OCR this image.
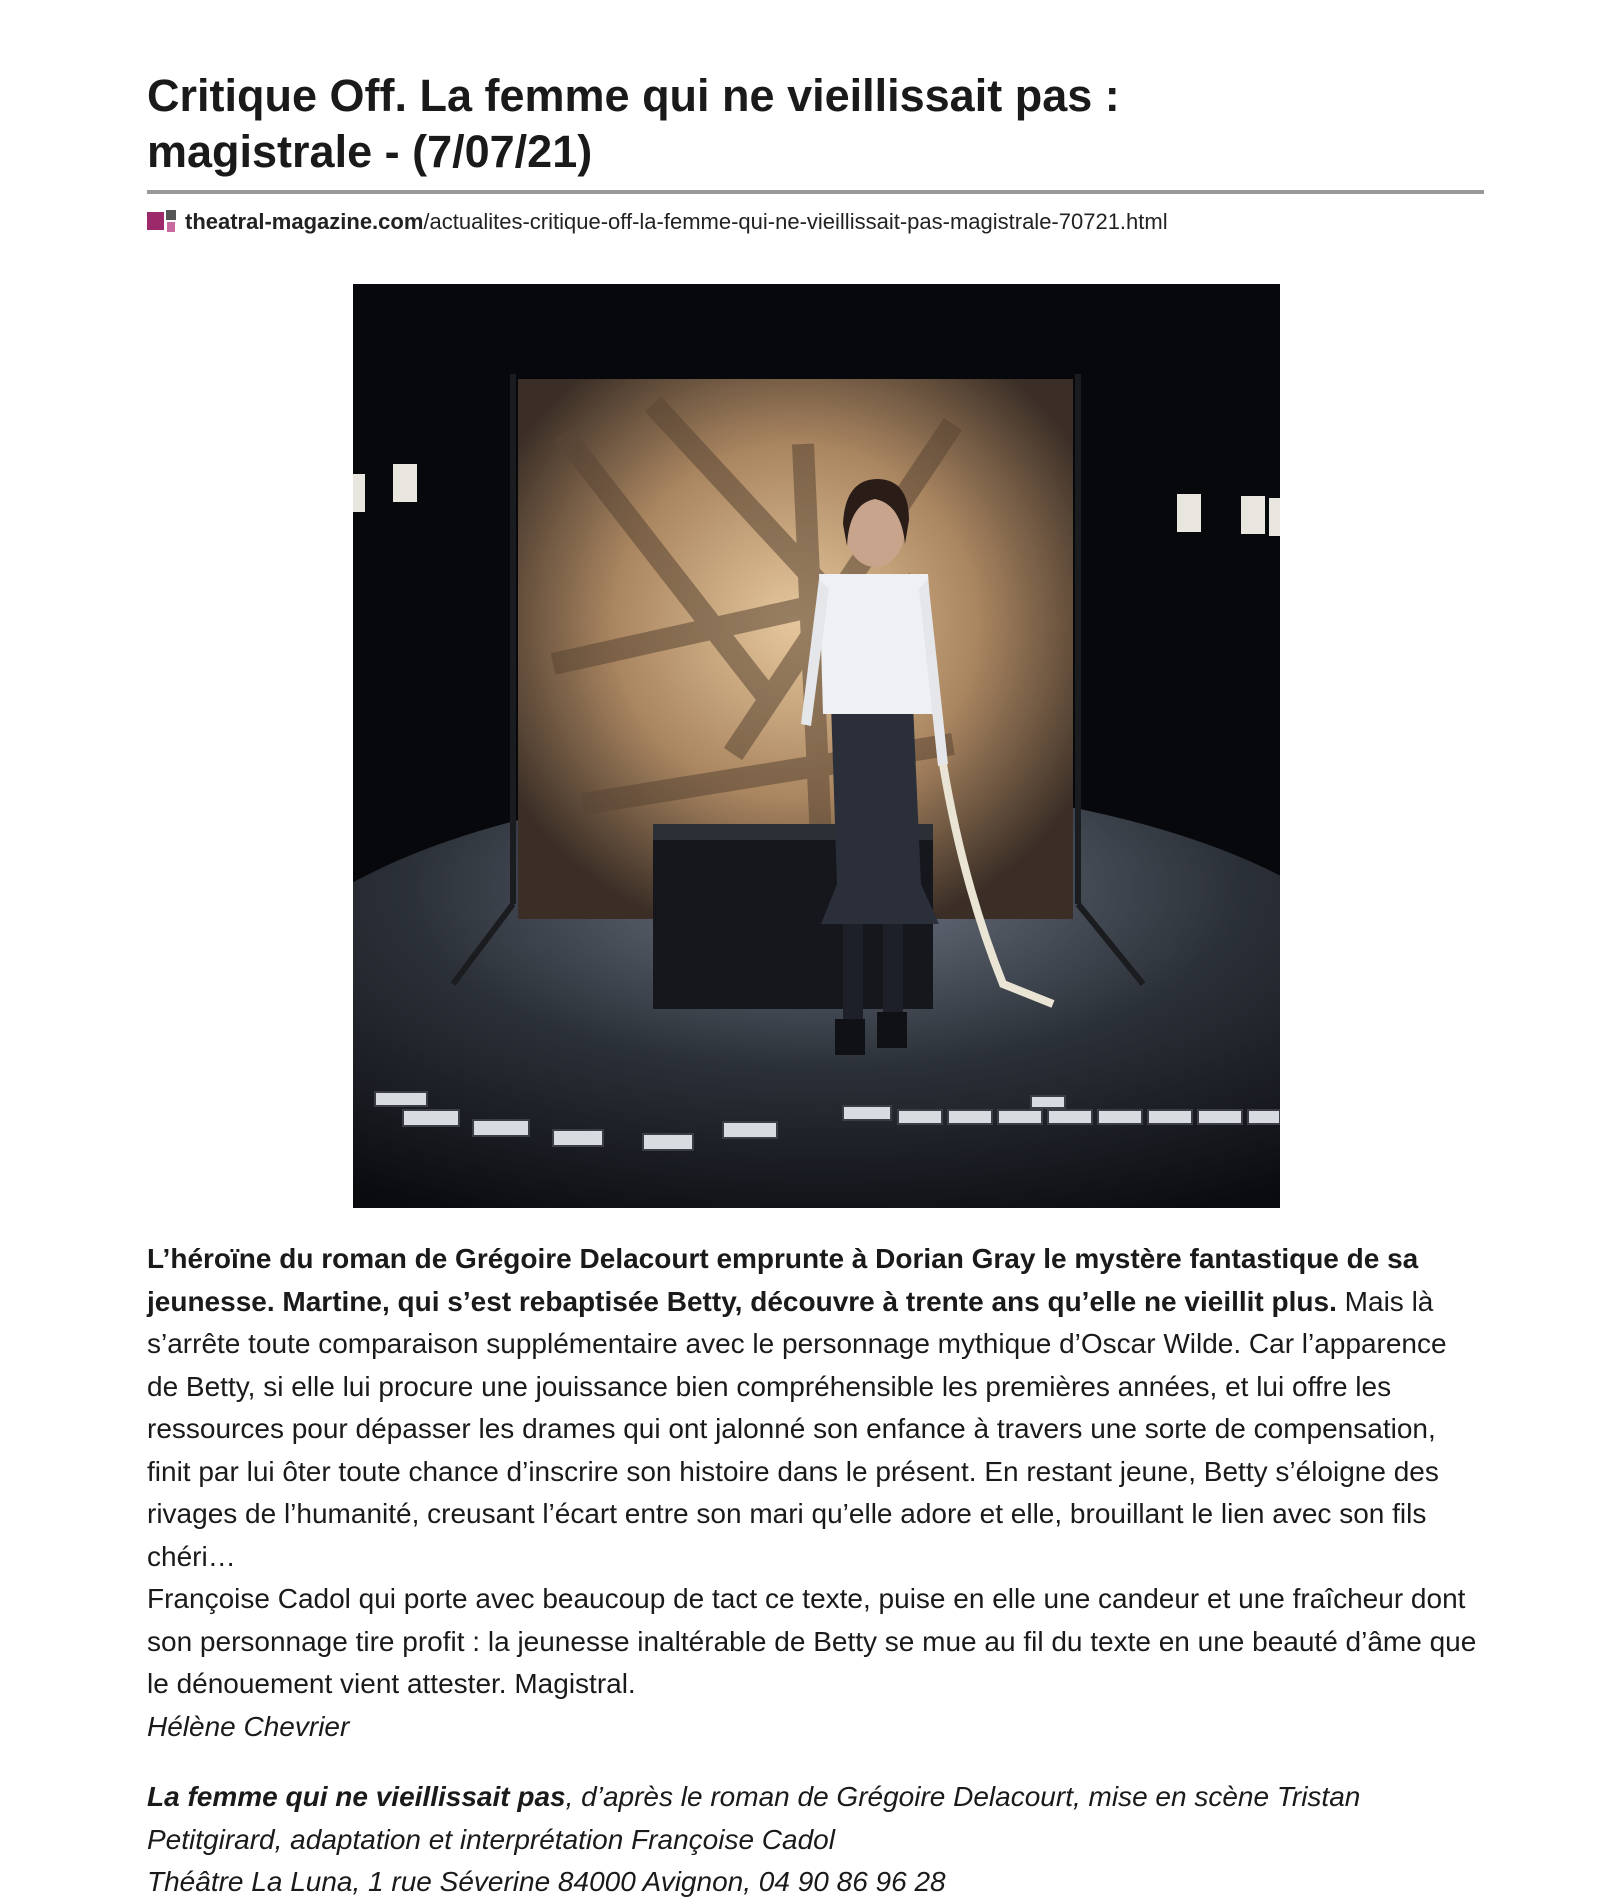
Critique Off. La femme qui ne vieillissait pas :
magistrale - (7/07/21)
theatral-magazine.com /actualites-critique-off-la-femme-qui-ne-vieillissait-pas-magistrale-70721.html

L’héroïne du roman de Grégoire Delacourt emprunte à Dorian Gray le mystère fantastique de sa jeunesse. Martine, qui s’est rebaptisée Betty, découvre à trente ans qu’elle ne vieillit plus. Mais là s’arrête toute comparaison supplémentaire avec le personnage mythique d’Oscar Wilde. Car l’apparence de Betty, si elle lui procure une jouissance bien compréhensible les premières années, et lui offre les ressources pour dépasser les drames qui ont jalonné son enfance à travers une sorte de compensation, finit par lui ôter toute chance d’inscrire son histoire dans le présent. En restant jeune, Betty s’éloigne des rivages de l’humanité, creusant l’écart entre son mari qu’elle adore et elle, brouillant le lien avec son fils chéri…

Françoise Cadol qui porte avec beaucoup de tact ce texte, puise en elle une candeur et une fraîcheur dont son personnage tire profit : la jeunesse inaltérable de Betty se mue au fil du texte en une beauté d’âme que le dénouement vient attester. Magistral.

Hélène Chevrier

La femme qui ne vieillissait pas, d’après le roman de Grégoire Delacourt, mise en scène Tristan Petitgirard, adaptation et interprétation Françoise Cadol

Théâtre La Luna, 1 rue Séverine 84000 Avignon, 04 90 86 96 28
